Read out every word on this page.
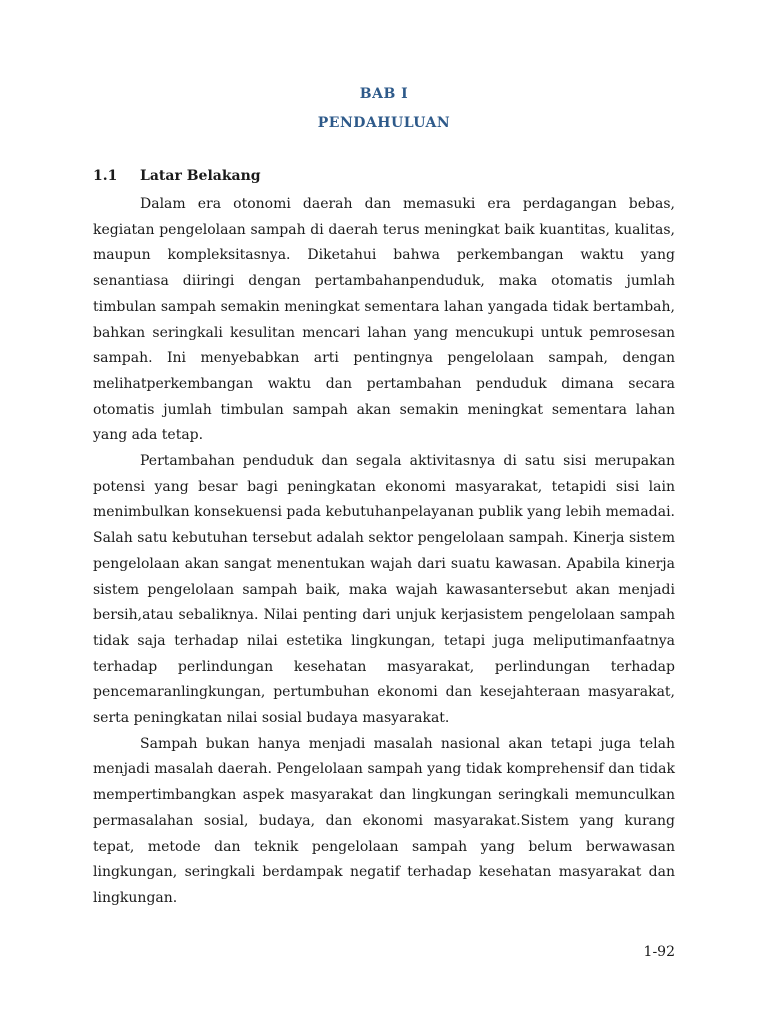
BAB I
PENDAHULUAN
1.1 Latar Belakang

Dalam era otonomi daerah dan memasuki era perdagangan bebas, kegiatan pengelolaan sampah di daerah terus meningkat baik kuantitas, kualitas, maupun kompleksitasnya. Diketahui bahwa perkembangan waktu yang senantiasa diiringi dengan pertambahanpenduduk, maka otomatis jumlah timbulan sampah semakin meningkat sementara lahan yangada tidak bertambah, bahkan seringkali kesulitan mencari lahan yang mencukupi untuk pemrosesan sampah. Ini menyebabkan arti pentingnya pengelolaan sampah, dengan melihatperkembangan waktu dan pertambahan penduduk dimana secara otomatis jumlah timbulan sampah akan semakin meningkat sementara lahan yang ada tetap.

Pertambahan penduduk dan segala aktivitasnya di satu sisi merupakan potensi yang besar bagi peningkatan ekonomi masyarakat, tetapidi sisi lain menimbulkan konsekuensi pada kebutuhanpelayanan publik yang lebih memadai. Salah satu kebutuhan tersebut adalah sektor pengelolaan sampah. Kinerja sistem pengelolaan akan sangat menentukan wajah dari suatu kawasan. Apabila kinerja sistem pengelolaan sampah baik, maka wajah kawasantersebut akan menjadi bersih,atau sebaliknya. Nilai penting dari unjuk kerjasistem pengelolaan sampah tidak saja terhadap nilai estetika lingkungan, tetapi juga meliputimanfaatnya terhadap perlindungan kesehatan masyarakat, perlindungan terhadap pencemaranlingkungan, pertumbuhan ekonomi dan kesejahteraan masyarakat, serta peningkatan nilai sosial budaya masyarakat.

Sampah bukan hanya menjadi masalah nasional akan tetapi juga telah menjadi masalah daerah. Pengelolaan sampah yang tidak komprehensif dan tidak mempertimbangkan aspek masyarakat dan lingkungan seringkali memunculkan permasalahan sosial, budaya, dan ekonomi masyarakat.Sistem yang kurang tepat, metode dan teknik pengelolaan sampah yang belum berwawasan lingkungan, seringkali berdampak negatif terhadap kesehatan masyarakat dan lingkungan.

1-92
